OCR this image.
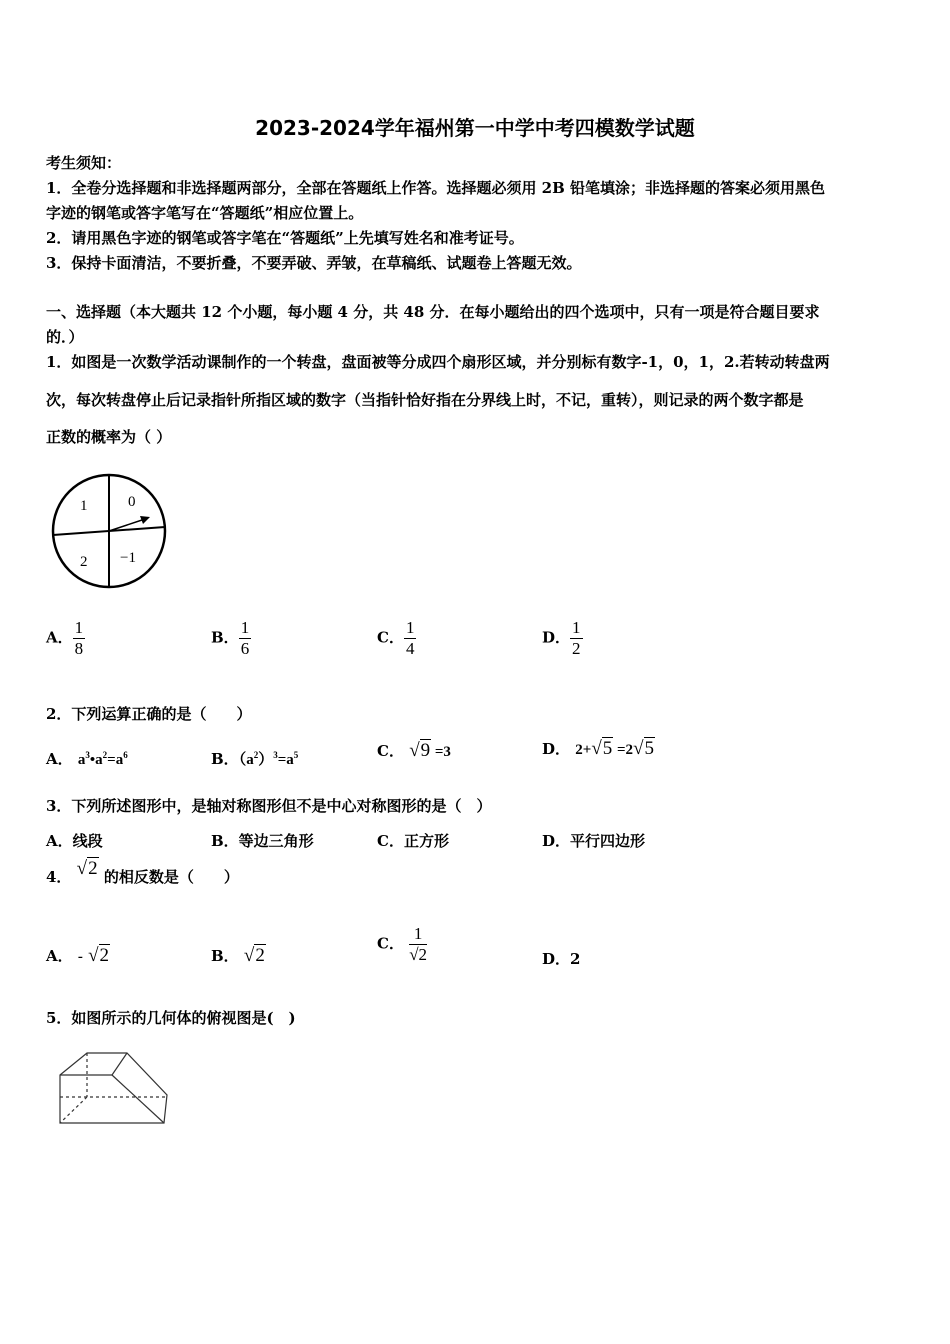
2023-2024学年福州第一中学中考四模数学试题
考生须知：
1．全卷分选择题和非选择题两部分，全部在答题纸上作答。选择题必须用 2B 铅笔填涂；非选择题的答案必须用黑色
字迹的钢笔或答字笔写在“答题纸”相应位置上。
2．请用黑色字迹的钢笔或答字笔在“答题纸”上先填写姓名和准考证号。
3．保持卡面清洁，不要折叠，不要弄破、弄皱，在草稿纸、试题卷上答题无效。
一、选择题（本大题共 12 个小题，每小题 4 分，共 48 分．在每小题给出的四个选项中，只有一项是符合题目要求
的．）
1．如图是一次数学活动课制作的一个转盘，盘面被等分成四个扇形区域，并分别标有数字-1，0，1，2.若转动转盘两
次，每次转盘停止后记录指针所指区域的数字（当指针恰好指在分界线上时，不记，重转），则记录的两个数字都是
正数的概率为（ ）
1	0
2 −1
A． $\frac{1}{8}$	B． $\frac{1}{6}$	C． $\frac{1}{4}$	D． $\frac{1}{2}$
2．下列运算正确的是（　　）
A． $a^3•a^2=a^6$	B．$(a^2)^3=a^5$	C． √9 =3	D． 2+√5 =2√5
3．下列所述图形中，是轴对称图形但不是中心对称图形的是（　）
A．线段	B．等边三角形	C．正方形	D．平行四边形
4． √2 的相反数是（　　）
A． - √2	B． √2
C． $\frac{1}{√2}$	D．2
5．如图所示的几何体的俯视图是(　)
